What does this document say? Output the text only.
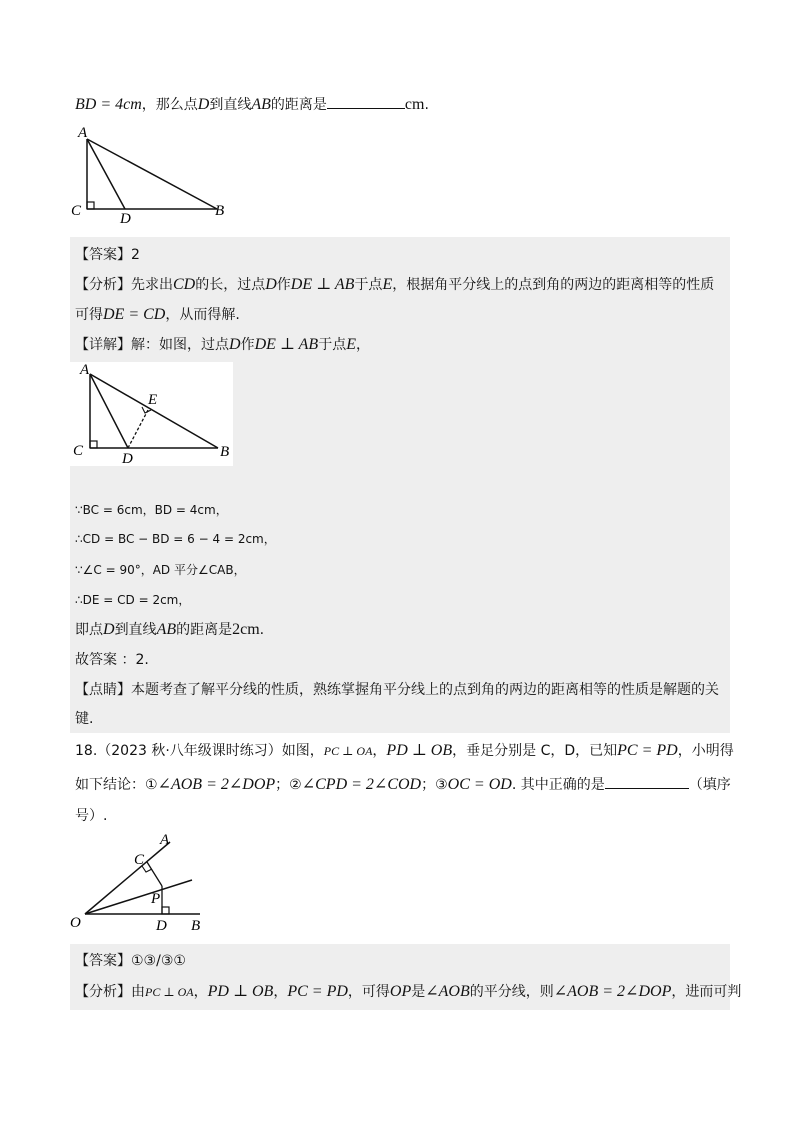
BD = 4cm，那么点D到直线AB的距离是	cm.
A
C	D	B
【答案】2
【分析】先求出CD的长，过点D作DE ⊥ AB于点E，根据角平分线上的点到角的两边的距离相等的性质
可得DE = CD，从而得解.
【详解】解：如图，过点D作DE ⊥ AB于点E，
A
E
C	D	B
∵BC = 6cm，BD = 4cm，
∴CD = BC − BD = 6 − 4 = 2cm，
∵∠C = 90°，AD 平分∠CAB，
∴DE = CD = 2cm，
即点D到直线AB的距离是2cm.
故答案 ：2.
【点睛】本题考查了解平分线的性质，熟练掌握角平分线上的点到角的两边的距离相等的性质是解题的关
键.
18.（2023 秋·八年级课时练习）如图，PC ⊥ OA，PD ⊥ OB，垂足分别是 C，D，已知PC = PD，小明得
如下结论：①∠AOB = 2∠DOP；②∠CPD = 2∠COD；③OC = OD. 其中正确的是	（填序
号）.
A
C
P
O	D B
【答案】①③/③①
【分析】由PC ⊥ OA，PD ⊥ OB，PC = PD，可得OP是∠AOB的平分线，则∠AOB = 2∠DOP，进而可判
